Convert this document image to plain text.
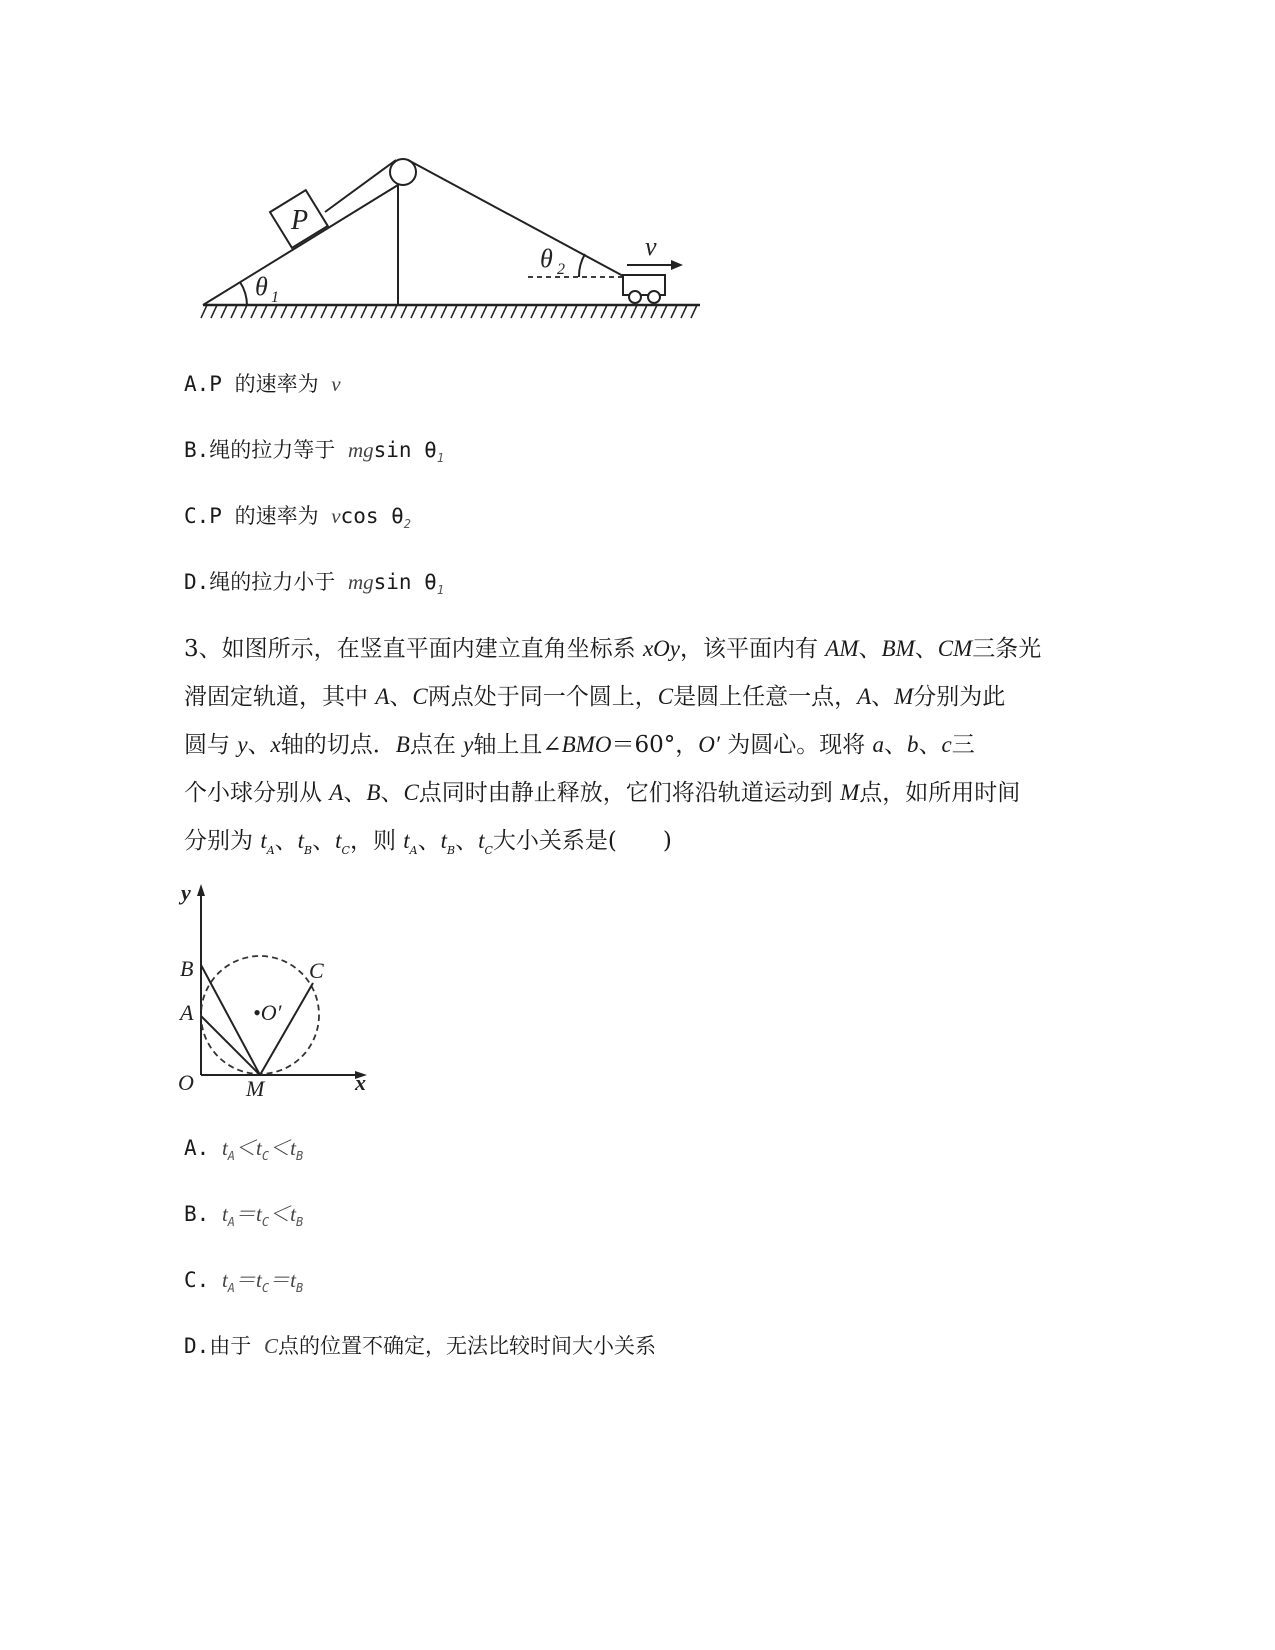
P
θ 1
θ 2
v
A.P 的速率为 v
B.绳的拉力等于 mgsin $\theta_1$
C.P 的速率为 vcos $\theta_2$
D.绳的拉力小于 mgsin $\theta_1$
3、如图所示，在竖直平面内建立直角坐标系 xOy，该平面内有 AM、BM、CM三条光
滑固定轨道，其中 A、C两点处于同一个圆上，C是圆上任意一点，A、M分别为此
圆与 y、x轴的切点．B点在 y轴上且∠BMO＝60°，O′ 为圆心。现将 a、b、c三
个小球分别从 A、B、C点同时由静止释放，它们将沿轨道运动到 M点，如所用时间
分别为 $t_A$、$t_B$、$t_C$，则 $t_A$、$t_B$、$t_C$大小关系是(　　)
y
x
O
B
A
C
M
•O′
A. $t_A<t_C<t_B$
B. $t_A=t_C<t_B$
C. $t_A=t_C=t_B$
D.由于 C点的位置不确定，无法比较时间大小关系
